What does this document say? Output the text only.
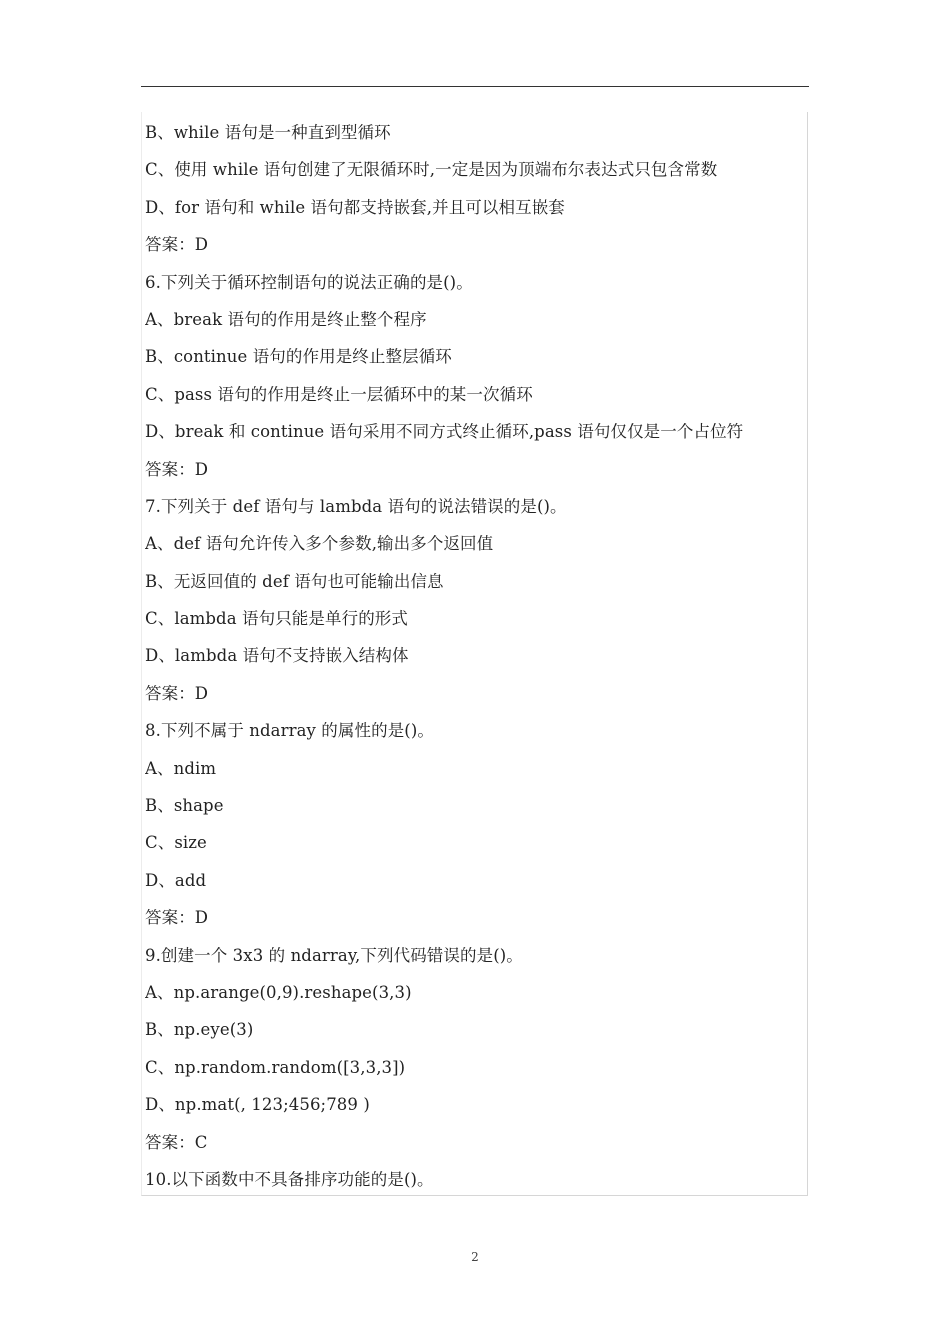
B、while 语句是一种直到型循环
C、使用 while 语句创建了无限循环时,一定是因为顶端布尔表达式只包含常数
D、for 语句和 while 语句都支持嵌套,并且可以相互嵌套
答案：D
6.下列关于循环控制语句的说法正确的是()。
A、break 语句的作用是终止整个程序
B、continue 语句的作用是终止整层循环
C、pass 语句的作用是终止一层循环中的某一次循环
D、break 和 continue 语句采用不同方式终止循环,pass 语句仅仅是一个占位符
答案：D
7.下列关于 def 语句与 lambda 语句的说法错误的是()。
A、def 语句允许传入多个参数,输出多个返回值
B、无返回值的 def 语句也可能输出信息
C、lambda 语句只能是单行的形式
D、lambda 语句不支持嵌入结构体
答案：D
8.下列不属于 ndarray 的属性的是()。
A、ndim
B、shape
C、size
D、add
答案：D
9.创建一个 3x3 的 ndarray,下列代码错误的是()。
A、np.arange(0,9).reshape(3,3)
B、np.eye(3)
C、np.random.random([3,3,3])
D、np.mat(, 123;456;789 )
答案：C
10.以下函数中不具备排序功能的是()。
2
